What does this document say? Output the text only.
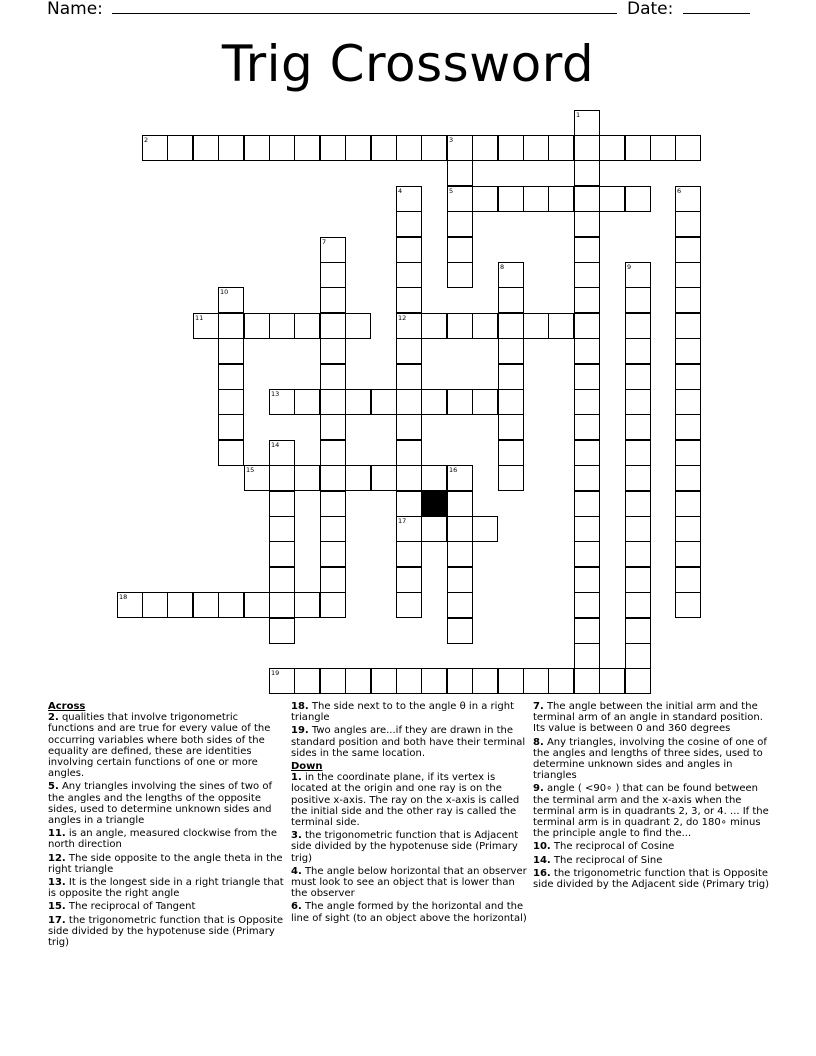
Name:	Date:
Trig Crossword
1
2	3
5
4
12
17
6
7
8	9
10
11
13
14
15	16
18
19
Across
2. qualities that involve trigonometric functions and are true for every value of the occurring variables where both sides of the equality are defined, these are identities involving certain functions of one or more angles.
5. Any triangles involving the sines of two of the angles and the lengths of the opposite sides, used to determine unknown sides and angles in a triangle
11. is an angle, measured clockwise from the north direction
12. The side opposite to the angle theta in the right triangle
13. It is the longest side in a right triangle that is opposite the right angle
15. The reciprocal of Tangent
17. the trigonometric function that is Opposite side divided by the hypotenuse side (Primary trig)
18. The side next to to the angle θ in a right triangle
19. Two angles are...if they are drawn in the standard position and both have their terminal sides in the same location.
Down
1. in the coordinate plane, if its vertex is located at the origin and one ray is on the positive x-axis. The ray on the x-axis is called the initial side and the other ray is called the terminal side.
3. the trigonometric function that is Adjacent side divided by the hypotenuse side (Primary trig)
4. The angle below horizontal that an observer must look to see an object that is lower than the observer
6. The angle formed by the horizontal and the line of sight (to an object above the horizontal)
7. The angle between the initial arm and the terminal arm of an angle in standard position. Its value is between 0 and 360 degrees
8. Any triangles, involving the cosine of one of the angles and lengths of three sides, used to determine unknown sides and angles in triangles
9. angle ( <90∘ ) that can be found between the terminal arm and the x-axis when the terminal arm is in quadrants 2, 3, or 4. ... If the terminal arm is in quadrant 2, do 180∘ minus the principle angle to find the...
10. The reciprocal of Cosine
14. The reciprocal of Sine
16. the trigonometric function that is Opposite side divided by the Adjacent side (Primary trig)
